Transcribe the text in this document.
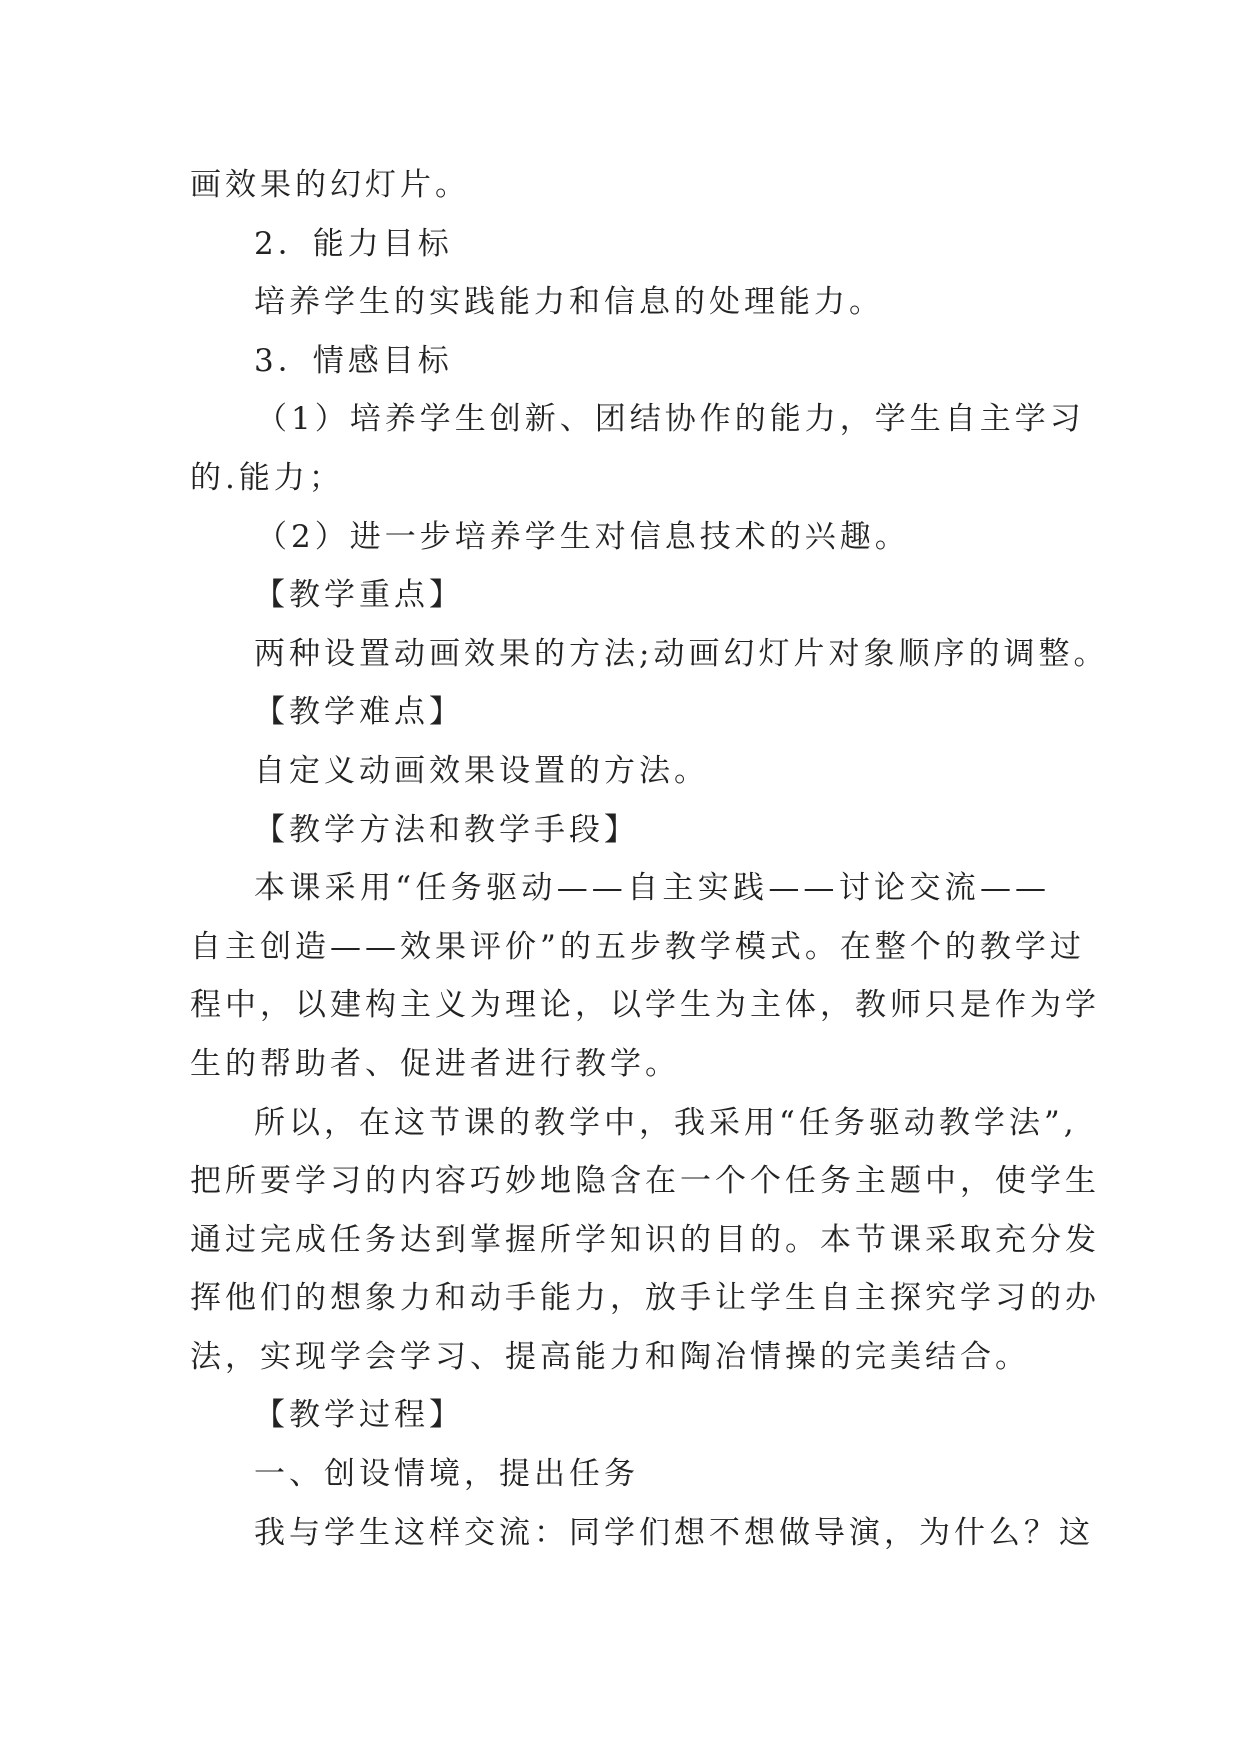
画效果的幻灯片。
2．能力目标
培养学生的实践能力和信息的处理能力。
3．情感目标
（1）培养学生创新、团结协作的能力，学生自主学习
的.能力；
（2）进一步培养学生对信息技术的兴趣。
【教学重点】
两种设置动画效果的方法;动画幻灯片对象顺序的调整。
【教学难点】
自定义动画效果设置的方法。
【教学方法和教学手段】
本课采用“任务驱动——自主实践——讨论交流——
自主创造——效果评价”的五步教学模式。在整个的教学过
程中，以建构主义为理论，以学生为主体，教师只是作为学
生的帮助者、促进者进行教学。
所以，在这节课的教学中，我采用“任务驱动教学法”,
把所要学习的内容巧妙地隐含在一个个任务主题中，使学生
通过完成任务达到掌握所学知识的目的。本节课采取充分发
挥他们的想象力和动手能力，放手让学生自主探究学习的办
法，实现学会学习、提高能力和陶冶情操的完美结合。
【教学过程】
一、创设情境，提出任务
我与学生这样交流：同学们想不想做导演，为什么？这
